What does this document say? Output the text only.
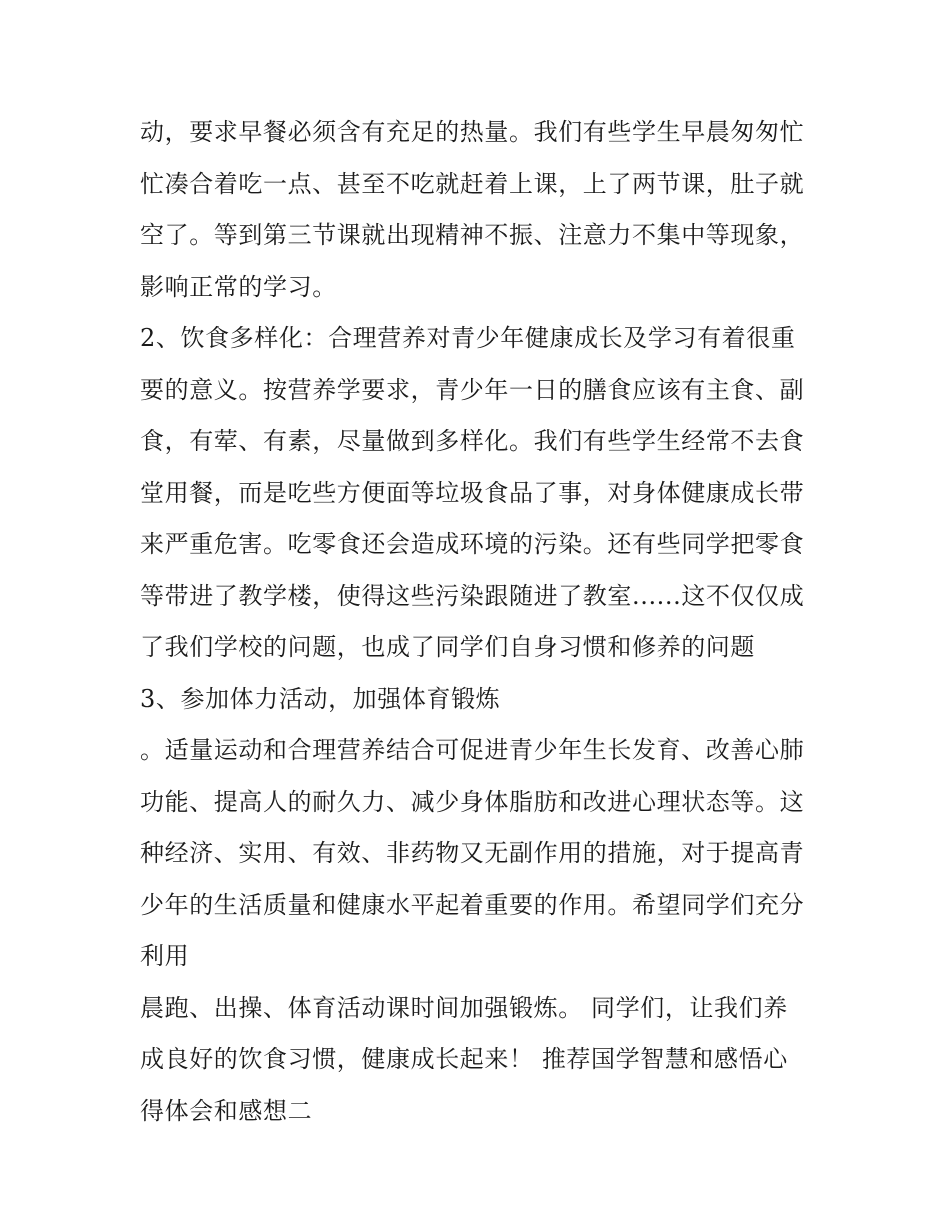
动，要求早餐必须含有充足的热量。我们有些学生早晨匆匆忙
忙凑合着吃一点、甚至不吃就赶着上课，上了两节课，肚子就
空了。等到第三节课就出现精神不振、注意力不集中等现象，
影响正常的学习。
2、饮食多样化：合理营养对青少年健康成长及学习有着很重
要的意义。按营养学要求，青少年一日的膳食应该有主食、副
食，有荤、有素，尽量做到多样化。我们有些学生经常不去食
堂用餐，而是吃些方便面等垃圾食品了事，对身体健康成长带
来严重危害。吃零食还会造成环境的污染。还有些同学把零食
等带进了教学楼，使得这些污染跟随进了教室......这不仅仅成
了我们学校的问题，也成了同学们自身习惯和修养的问题
3、参加体力活动，加强体育锻炼
。适量运动和合理营养结合可促进青少年生长发育、改善心肺
功能、提高人的耐久力、减少身体脂肪和改进心理状态等。这
种经济、实用、有效、非药物又无副作用的措施，对于提高青
少年的生活质量和健康水平起着重要的作用。希望同学们充分
利用
晨跑、出操、体育活动课时间加强锻炼。 同学们，让我们养
成良好的饮食习惯，健康成长起来！ 推荐国学智慧和感悟心
得体会和感想二
